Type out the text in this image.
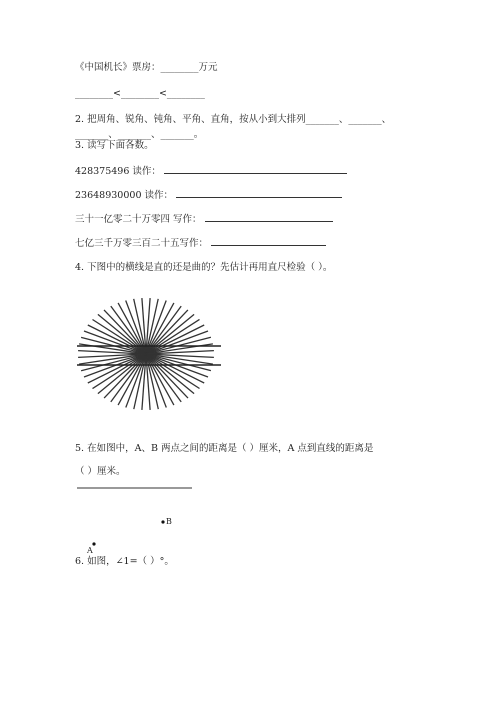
《中国机长》票房：________万元
________<________<________
2. 把周角、锐角、钝角、平角、直角，按从小到大排列_______、_______、
_______、_______、_______。
3. 读写下面各数。
428375496 读作：
23648930000 读作：
三十一亿零二十万零四 写作：
七亿三千万零三百二十五写作：
4. 下图中的横线是直的还是曲的？先估计再用直尺检验（ ）。
5. 在如图中，A、B 两点之间的距离是（ ）厘米，A 点到直线的距离是
（ ）厘米。
B
A
6. 如图，∠1=（ ）°。
